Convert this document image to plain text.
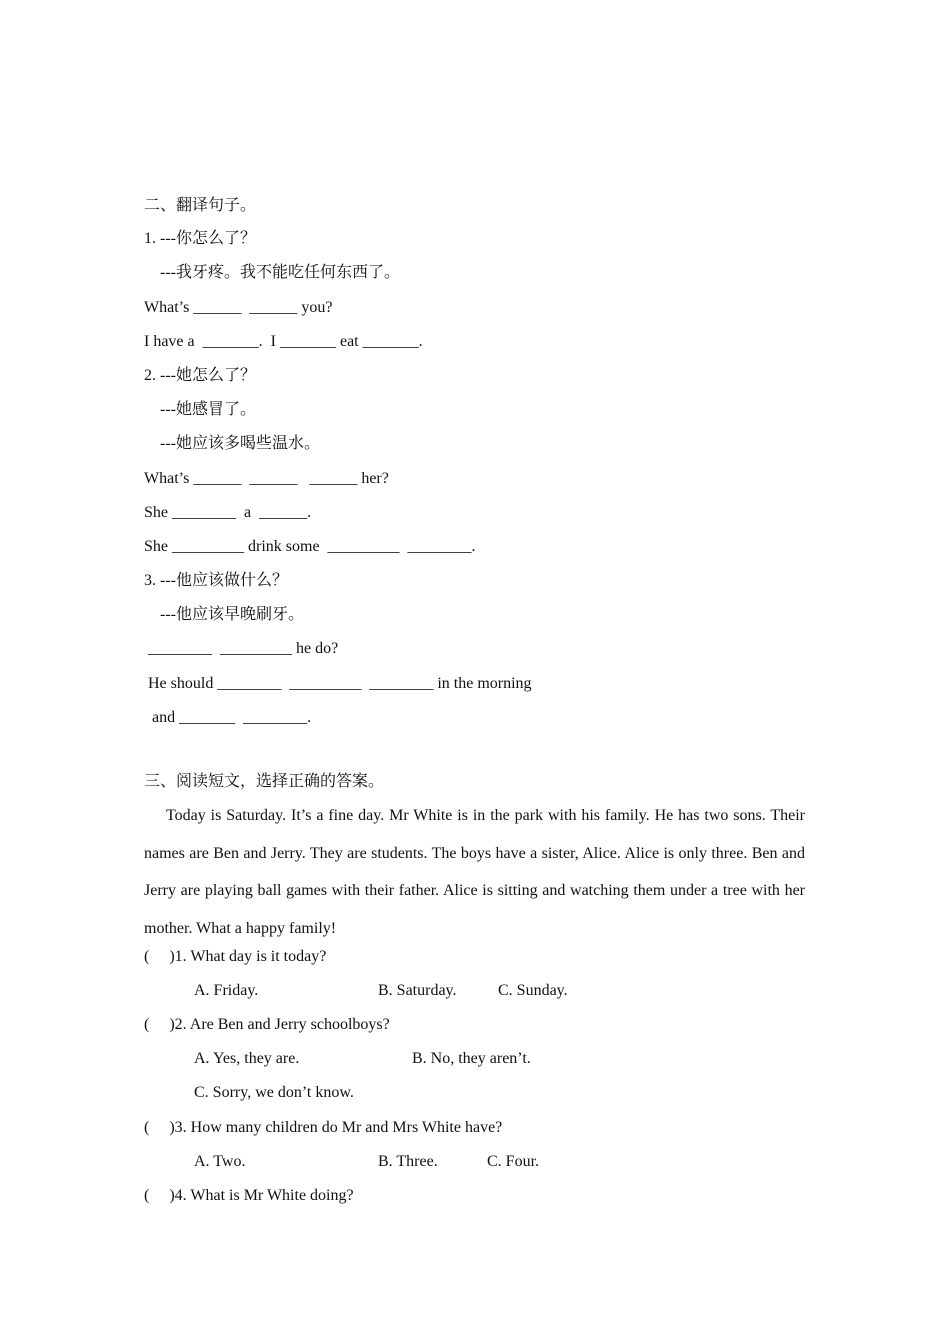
二、翻译句子。
1. ---你怎么了？
---我牙疼。我不能吃任何东西了。
What’s ______  ______ you?
I have a  _______.  I _______ eat _______.
2. ---她怎么了？
---她感冒了。
---她应该多喝些温水。
What’s ______  ______   ______ her?
She ________  a  ______.
She _________ drink some  _________  ________.
3. ---他应该做什么？
---他应该早晚刷牙。
________  _________ he do?
He should ________  _________  ________ in the morning
and _______  ________.
三、阅读短文，选择正确的答案。
Today is Saturday. It’s a fine day. Mr White is in the park with his family. He has two sons. Their names are Ben and Jerry. They are students. The boys have a sister, Alice. Alice is only three. Ben and Jerry are playing ball games with their father. Alice is sitting and watching them under a tree with her mother. What a happy family!
(     )1. What day is it today?
A. Friday.	B. Saturday.	C. Sunday.
(     )2. Are Ben and Jerry schoolboys?
A. Yes, they are.	B. No, they aren’t.
C. Sorry, we don’t know.
(     )3. How many children do Mr and Mrs White have?
A. Two.	B. Three.	C. Four.
(     )4. What is Mr White doing?
